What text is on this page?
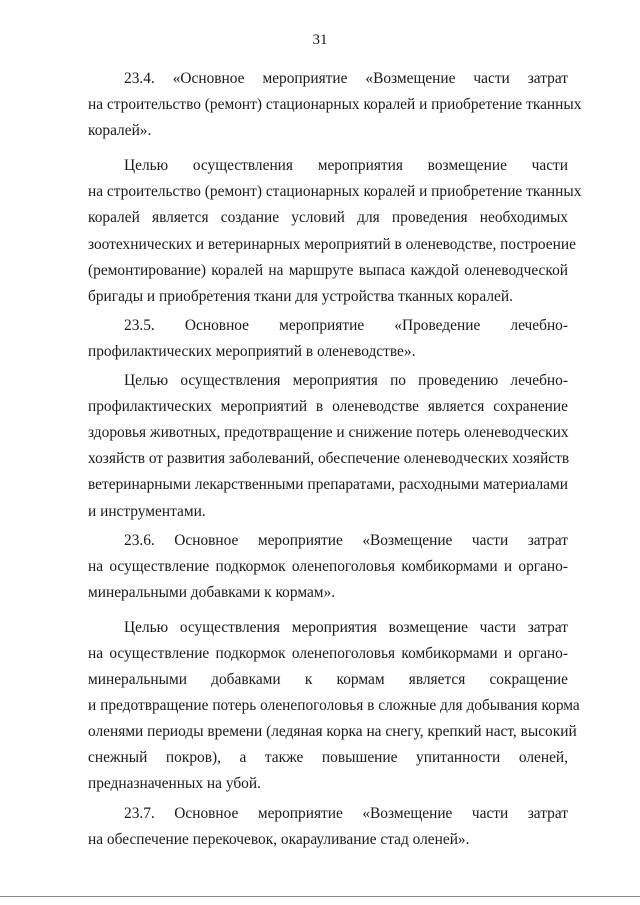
31

23.4. «Основное мероприятие «Возмещение части затрат
на строительство (ремонт) стационарных коралей и приобретение тканных
коралей».

Целью осуществления мероприятия возмещение части
на строительство (ремонт) стационарных коралей и приобретение тканных
коралей является создание условий для проведения необходимых
зоотехнических и ветеринарных мероприятий в оленеводстве, построение
(ремонтирование) коралей на маршруте выпаса каждой оленеводческой
бригады и приобретения ткани для устройства тканных коралей.

23.5. Основное мероприятие «Проведение лечебно-
профилактических мероприятий в оленеводстве».

Целью осуществления мероприятия по проведению лечебно-
профилактических мероприятий в оленеводстве является сохранение
здоровья животных, предотвращение и снижение потерь оленеводческих
хозяйств от развития заболеваний, обеспечение оленеводческих хозяйств
ветеринарными лекарственными препаратами, расходными материалами
и инструментами.

23.6. Основное мероприятие «Возмещение части затрат
на осуществление подкормок оленепоголовья комбикормами и органо-
минеральными добавками к кормам».

Целью осуществления мероприятия возмещение части затрат
на осуществление подкормок оленепоголовья комбикормами и органо-
минеральными добавками к кормам является сокращение
и предотвращение потерь оленепоголовья в сложные для добывания корма
оленями периоды времени (ледяная корка на снегу, крепкий наст, высокий
снежный покров), а также повышение упитанности оленей,
предназначенных на убой.

23.7. Основное мероприятие «Возмещение части затрат
на обеспечение перекочевок, окарауливание стад оленей».
